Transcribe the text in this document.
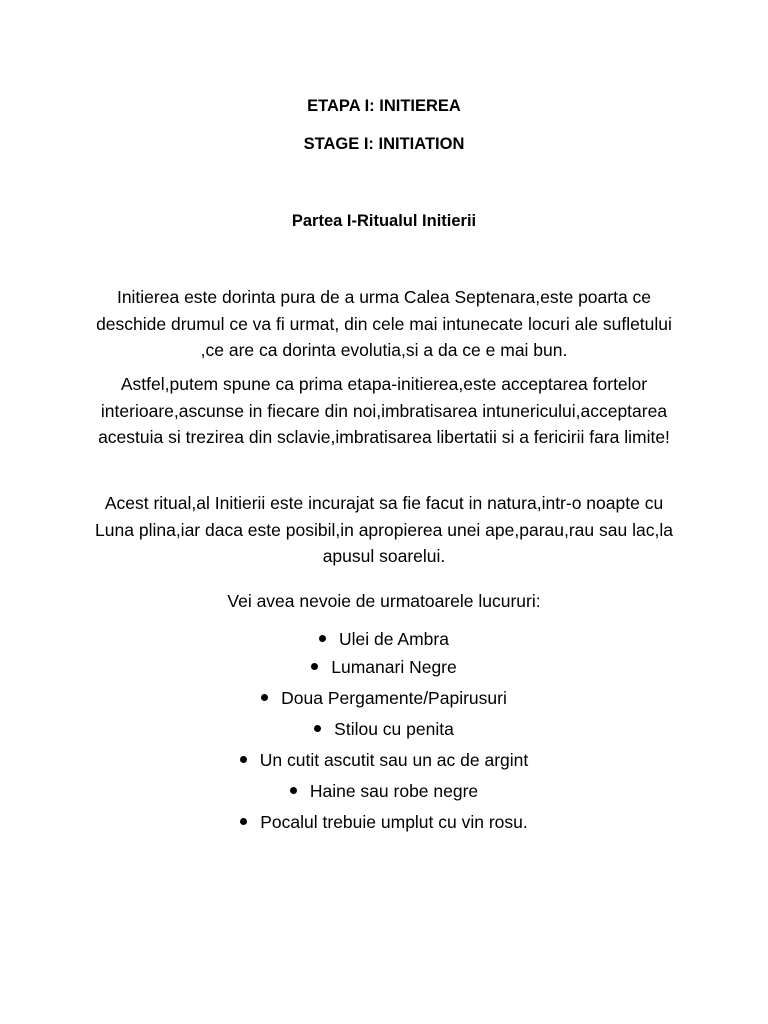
ETAPA I: INITIEREA
STAGE I: INITIATION
Partea I-Ritualul Initierii
Initierea este dorinta pura de a urma Calea Septenara,este poarta ce deschide drumul ce va fi urmat, din cele mai intunecate locuri ale sufletului ,ce are ca dorinta evolutia,si a da ce e mai bun.
Astfel,putem spune ca prima etapa-initierea,este acceptarea fortelor interioare,ascunse in fiecare din noi,imbratisarea intunericului,acceptarea acestuia si trezirea din sclavie,imbratisarea libertatii si a fericirii fara limite!
Acest ritual,al Initierii este incurajat sa fie facut in natura,intr-o noapte cu Luna plina,iar daca este posibil,in apropierea unei ape,parau,rau sau lac,la apusul soarelui.
Vei avea nevoie de urmatoarele lucururi:
Ulei de Ambra
Lumanari Negre
Doua Pergamente/Papirusuri
Stilou cu penita
Un cutit ascutit sau un ac de argint
Haine sau robe negre
Pocalul trebuie umplut cu vin rosu.
